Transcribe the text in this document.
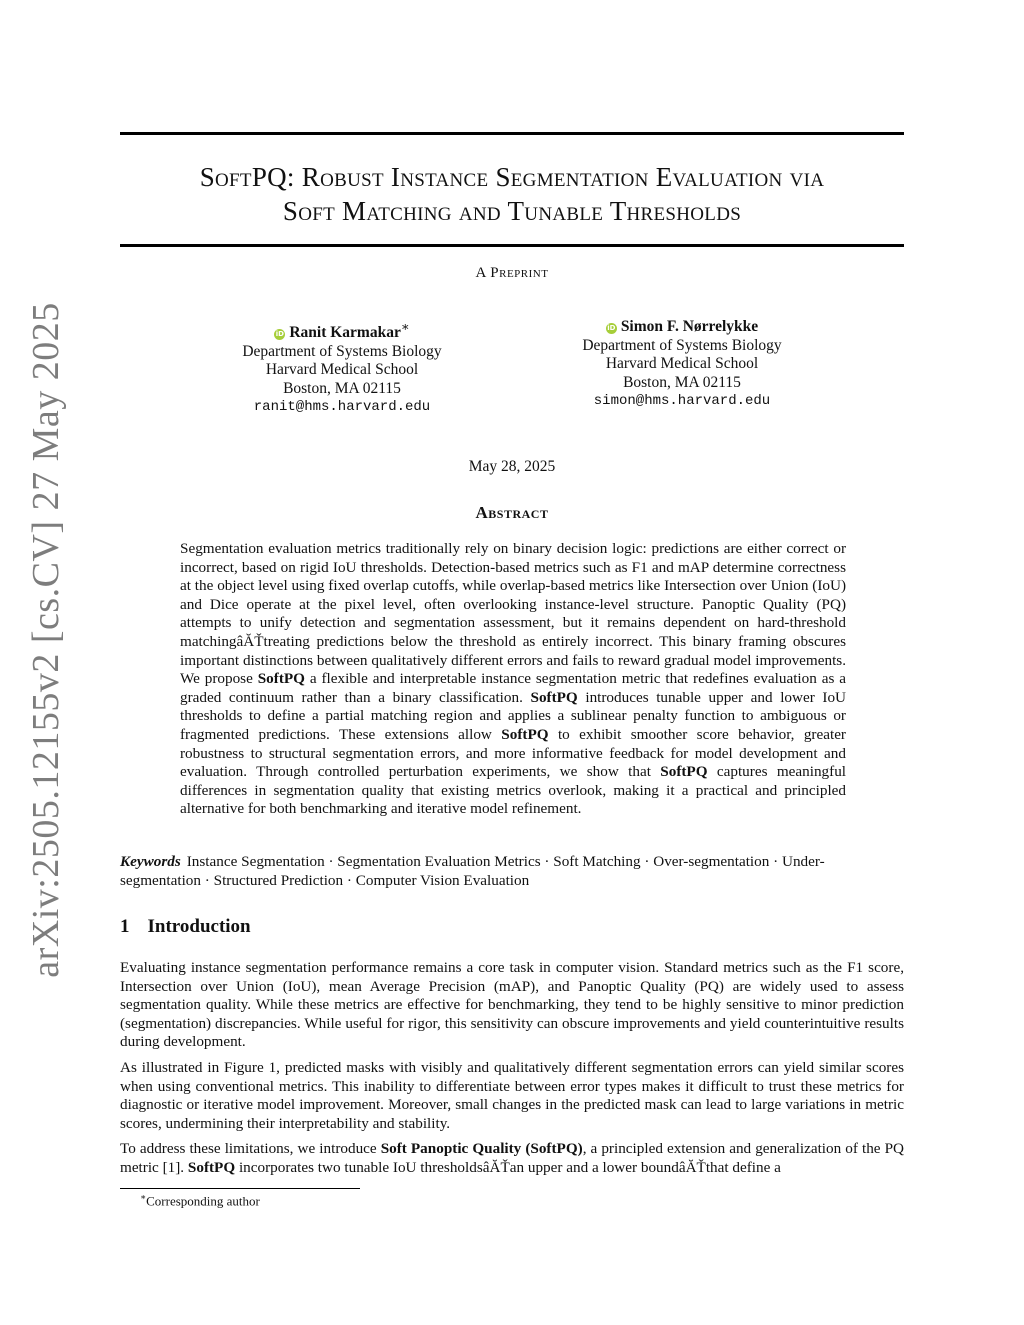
arXiv:2505.12155v2 [cs.CV] 27 May 2025
SoftPQ: Robust Instance Segmentation Evaluation via
Soft Matching and Tunable Thresholds
A Preprint
iD Ranit Karmakar∗
Department of Systems Biology
Harvard Medical School
Boston, MA 02115
ranit@hms.harvard.edu
iD Simon F. Nørrelykke
Department of Systems Biology
Harvard Medical School
Boston, MA 02115
simon@hms.harvard.edu
May 28, 2025
Abstract
Segmentation evaluation metrics traditionally rely on binary decision logic: predictions are either correct or incorrect, based on rigid IoU thresholds. Detection-based metrics such as F1 and mAP determine correctness at the object level using fixed overlap cutoffs, while overlap-based metrics like Intersection over Union (IoU) and Dice operate at the pixel level, often overlooking instance-level structure. Panoptic Quality (PQ) attempts to unify detection and segmentation assessment, but it remains dependent on hard-threshold matchingâĂŤtreating predictions below the threshold as entirely incorrect. This binary framing obscures important distinctions between qualitatively different errors and fails to reward gradual model improvements. We propose SoftPQ a flexible and interpretable instance segmentation metric that redefines evaluation as a graded continuum rather than a binary classification. SoftPQ introduces tunable upper and lower IoU thresholds to define a partial matching region and applies a sublinear penalty function to ambiguous or fragmented predictions. These extensions allow SoftPQ to exhibit smoother score behavior, greater robustness to structural segmentation errors, and more informative feedback for model development and evaluation. Through controlled perturbation experiments, we show that SoftPQ captures meaningful differences in segmentation quality that existing metrics overlook, making it a practical and principled alternative for both benchmarking and iterative model refinement.
Keywords Instance Segmentation · Segmentation Evaluation Metrics · Soft Matching · Over-segmentation · Under-segmentation · Structured Prediction · Computer Vision Evaluation
1 Introduction
Evaluating instance segmentation performance remains a core task in computer vision. Standard metrics such as the F1 score, Intersection over Union (IoU), mean Average Precision (mAP), and Panoptic Quality (PQ) are widely used to assess segmentation quality. While these metrics are effective for benchmarking, they tend to be highly sensitive to minor prediction (segmentation) discrepancies. While useful for rigor, this sensitivity can obscure improvements and yield counterintuitive results during development.
As illustrated in Figure 1, predicted masks with visibly and qualitatively different segmentation errors can yield similar scores when using conventional metrics. This inability to differentiate between error types makes it difficult to trust these metrics for diagnostic or iterative model improvement. Moreover, small changes in the predicted mask can lead to large variations in metric scores, undermining their interpretability and stability.
To address these limitations, we introduce Soft Panoptic Quality (SoftPQ), a principled extension and generalization of the PQ metric [1]. SoftPQ incorporates two tunable IoU thresholdsâĂŤan upper and a lower boundâĂŤthat define a
∗Corresponding author
